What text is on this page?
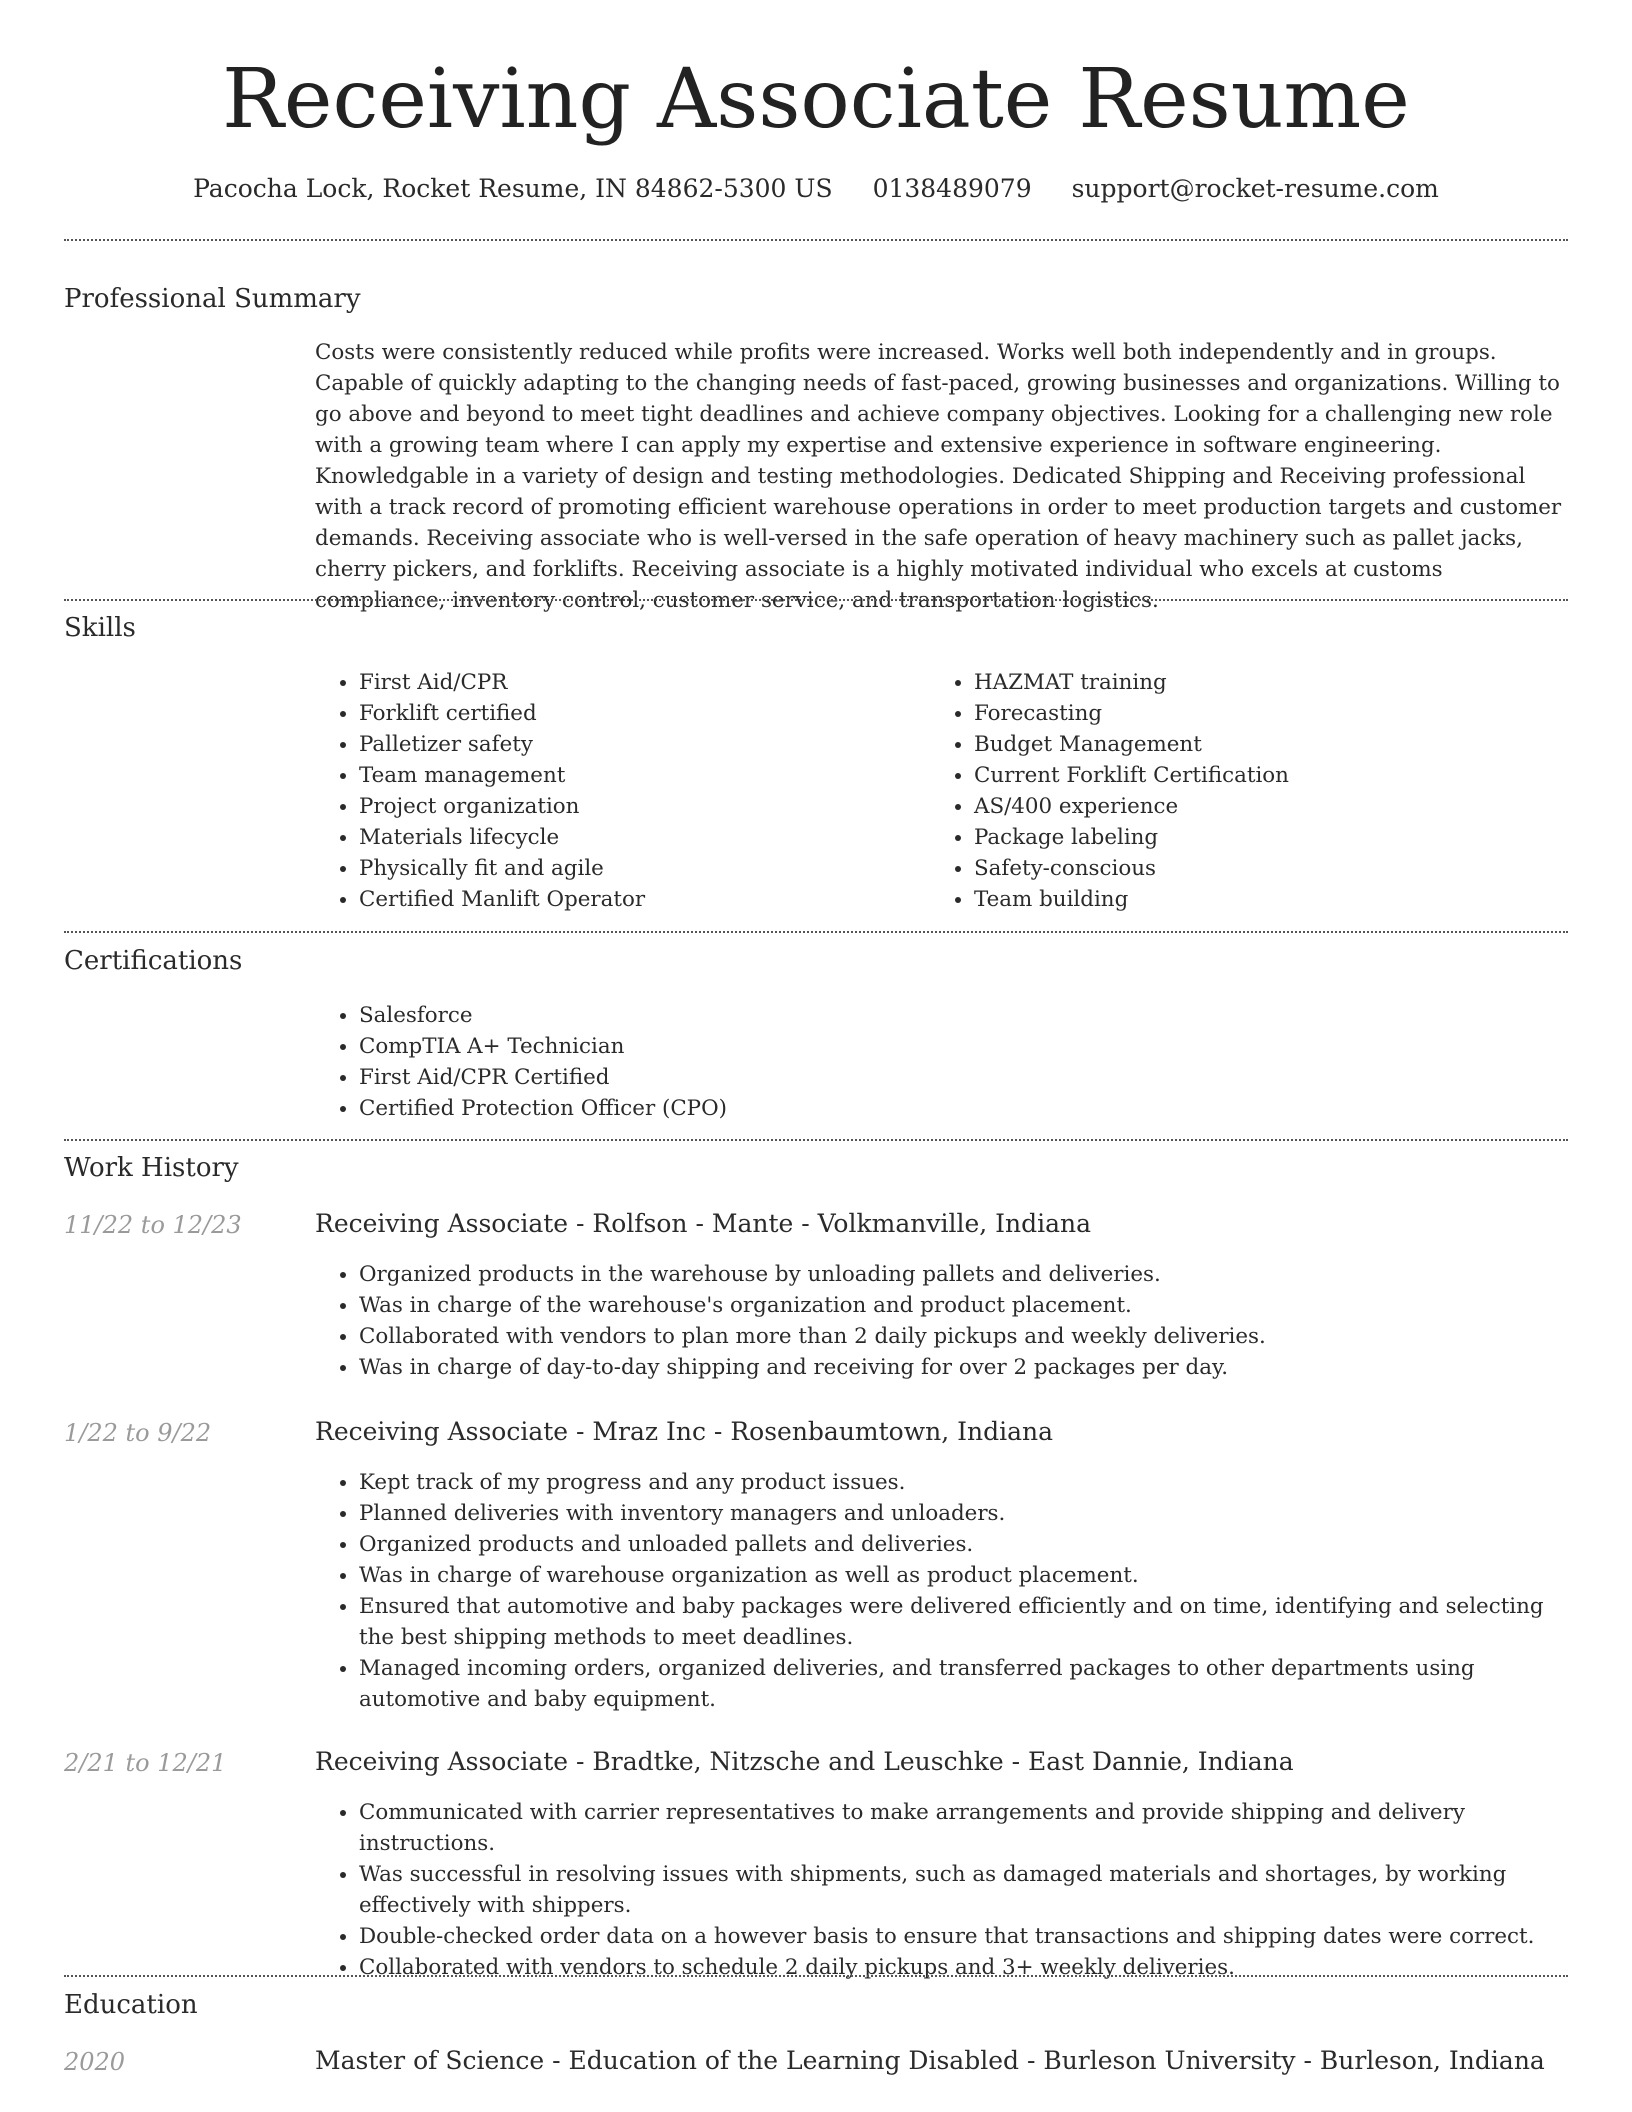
Receiving Associate Resume
Pacocha Lock, Rocket Resume, IN 84862-5300 US 0138489079 support@rocket-resume.com
Professional Summary

Costs were consistently reduced while profits were increased. Works well both independently and in groups. Capable of quickly adapting to the changing needs of fast-paced, growing businesses and organizations. Willing to go above and beyond to meet tight deadlines and achieve company objectives. Looking for a challenging new role with a growing team where I can apply my expertise and extensive experience in software engineering. Knowledgable in a variety of design and testing methodologies. Dedicated Shipping and Receiving professional with a track record of promoting efficient warehouse operations in order to meet production targets and customer demands. Receiving associate who is well-versed in the safe operation of heavy machinery such as pallet jacks, cherry pickers, and forklifts. Receiving associate is a highly motivated individual who excels at customs compliance, inventory control, customer service, and transportation logistics.

Skills
• First Aid/CPR
• Forklift certified
• Palletizer safety
• Team management
• Project organization
• Materials lifecycle
• Physically fit and agile
• Certified Manlift Operator
• HAZMAT training
• Forecasting
• Budget Management
• Current Forklift Certification
• AS/400 experience
• Package labeling
• Safety-conscious
• Team building
Certifications
• Salesforce
• CompTIA A+ Technician
• First Aid/CPR Certified
• Certified Protection Officer (CPO)
Work History
11/22 to 12/23	Receiving Associate - Rolfson - Mante - Volkmanville, Indiana
• Organized products in the warehouse by unloading pallets and deliveries.
• Was in charge of the warehouse's organization and product placement.
• Collaborated with vendors to plan more than 2 daily pickups and weekly deliveries.
• Was in charge of day-to-day shipping and receiving for over 2 packages per day.
1/22 to 9/22	Receiving Associate - Mraz Inc - Rosenbaumtown, Indiana
• Kept track of my progress and any product issues.
• Planned deliveries with inventory managers and unloaders.
• Organized products and unloaded pallets and deliveries.
• Was in charge of warehouse organization as well as product placement.
• Ensured that automotive and baby packages were delivered efficiently and on time, identifying and selecting the best shipping methods to meet deadlines.
• Managed incoming orders, organized deliveries, and transferred packages to other departments using automotive and baby equipment.
2/21 to 12/21	Receiving Associate - Bradtke, Nitzsche and Leuschke - East Dannie, Indiana
• Communicated with carrier representatives to make arrangements and provide shipping and delivery instructions.
• Was successful in resolving issues with shipments, such as damaged materials and shortages, by working effectively with shippers.
• Double-checked order data on a however basis to ensure that transactions and shipping dates were correct.
• Collaborated with vendors to schedule 2 daily pickups and 3+ weekly deliveries.
Education
2020	Master of Science - Education of the Learning Disabled - Burleson University - Burleson, Indiana
